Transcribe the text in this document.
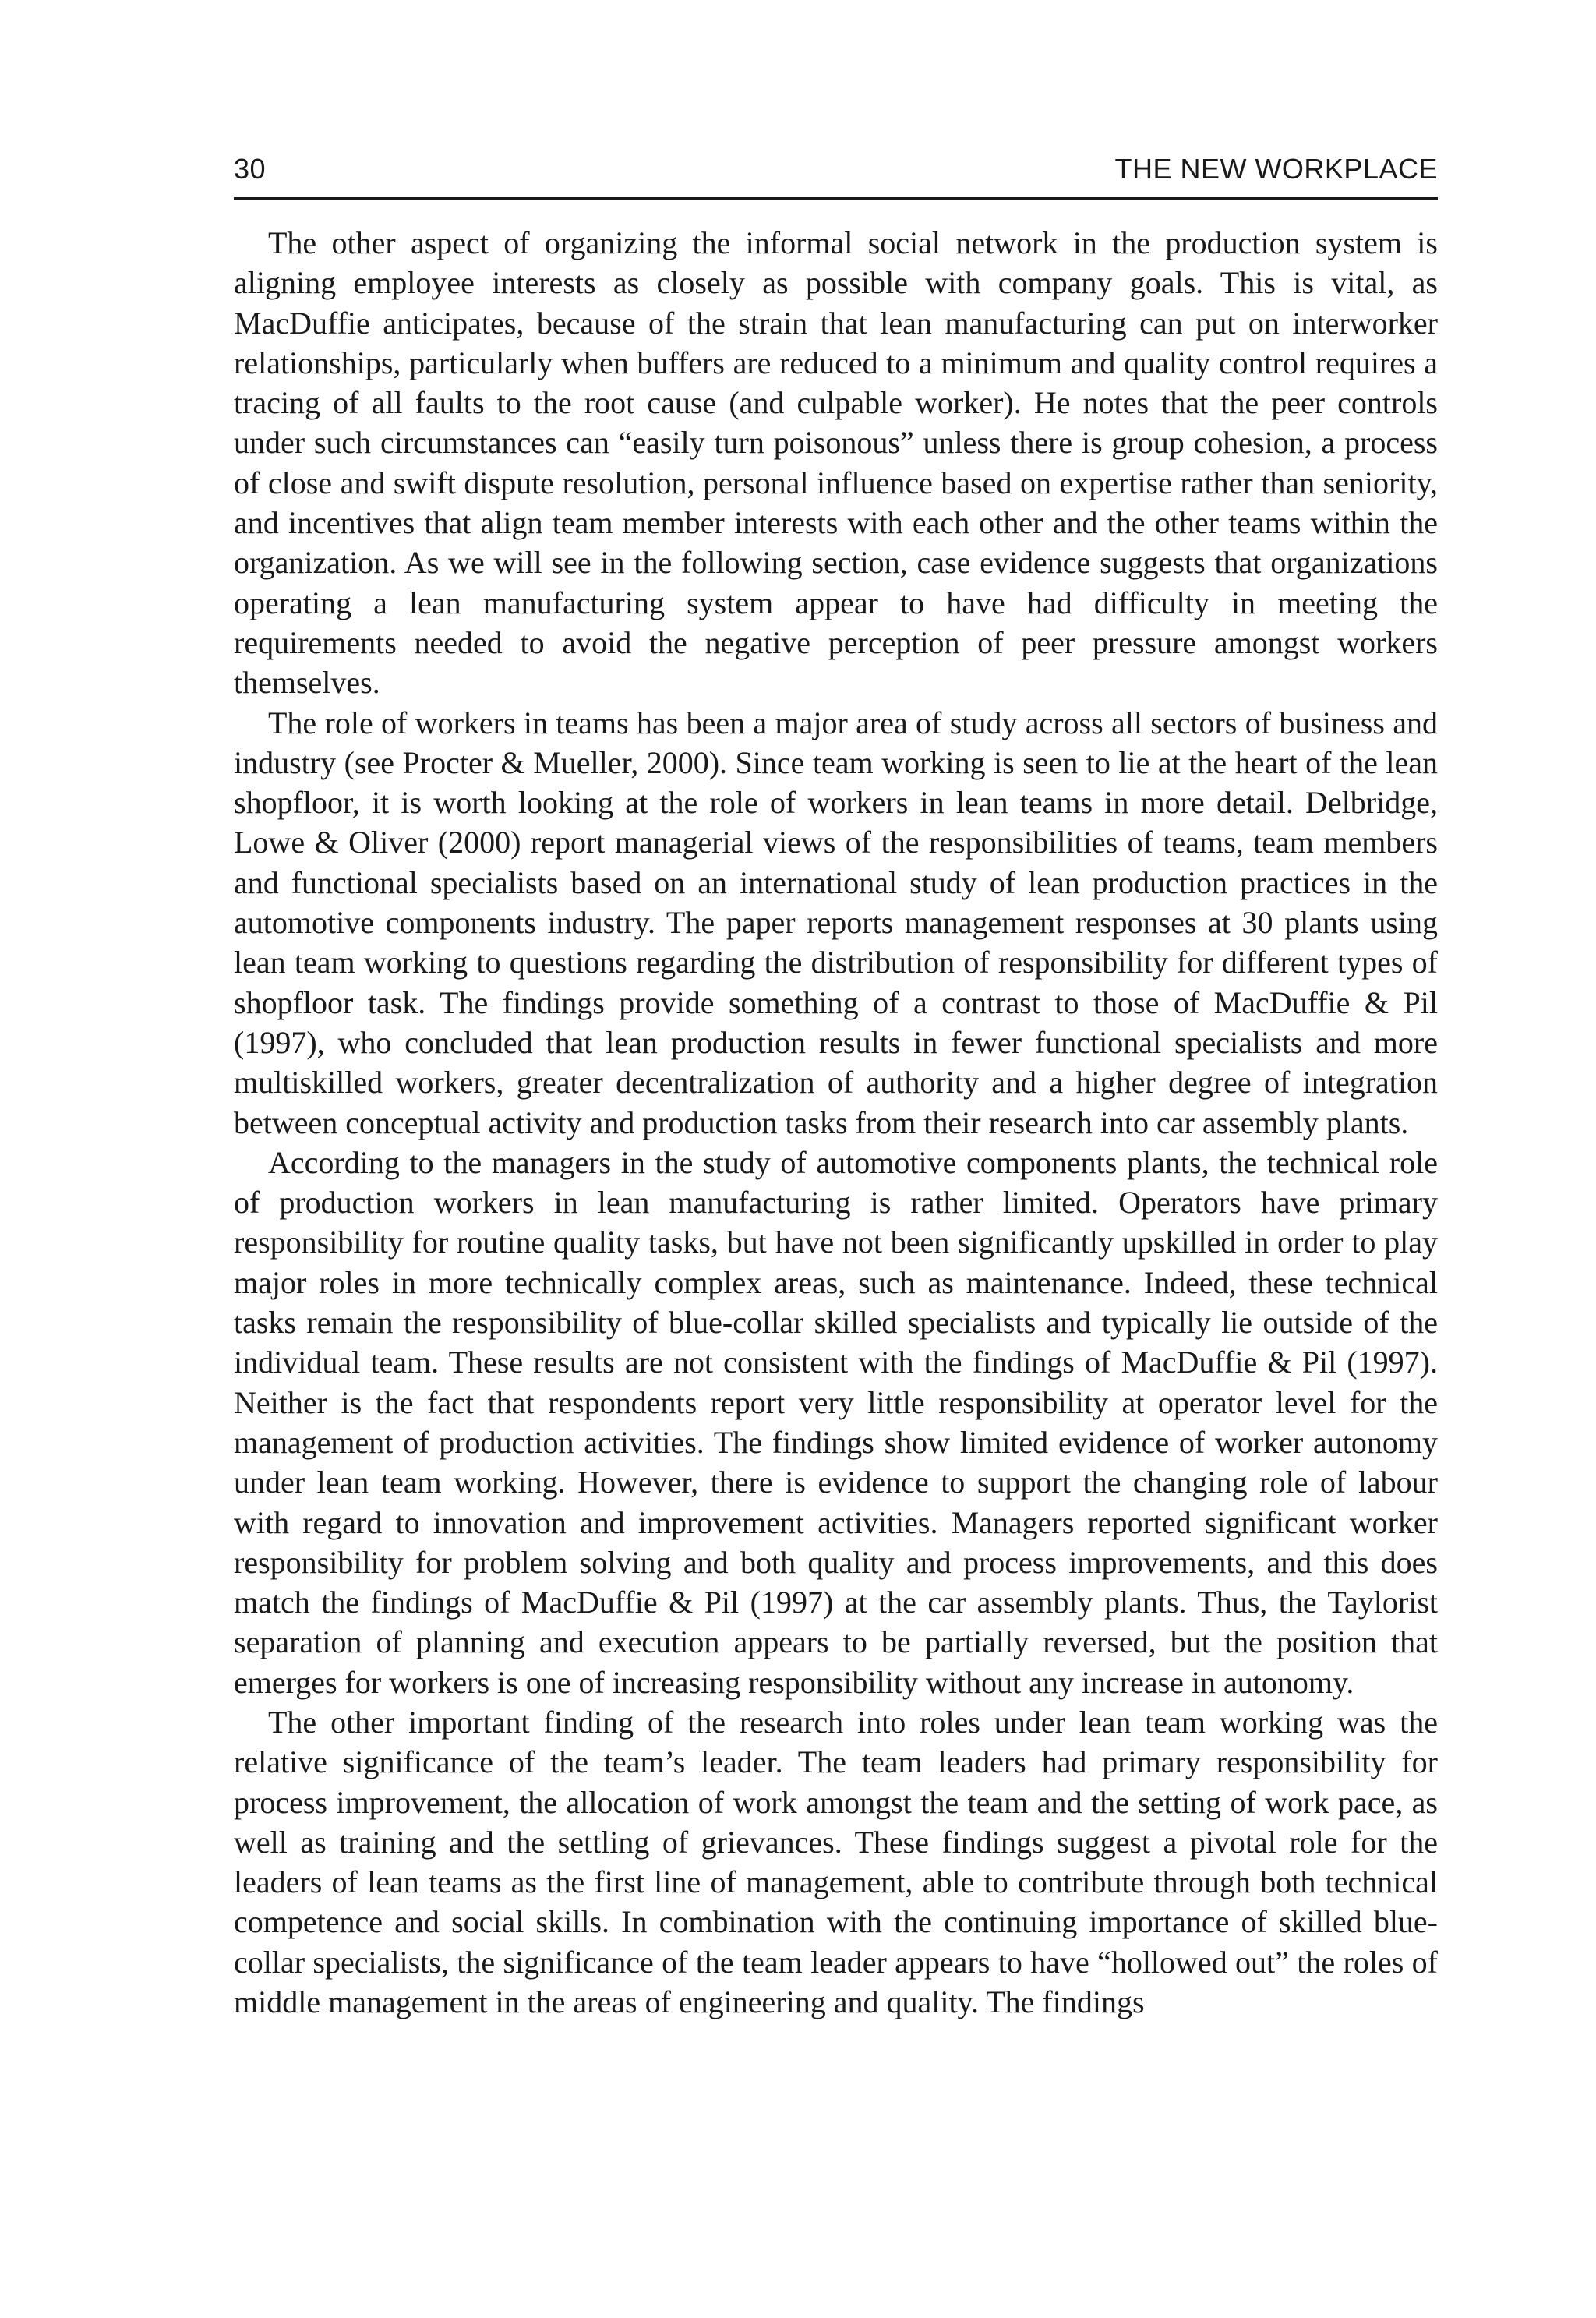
30	THE NEW WORKPLACE

The other aspect of organizing the informal social network in the production system is aligning employee interests as closely as possible with company goals. This is vital, as MacDuffie anticipates, because of the strain that lean manufacturing can put on interworker relationships, particularly when buffers are reduced to a minimum and quality control requires a tracing of all faults to the root cause (and culpable worker). He notes that the peer controls under such circumstances can “easily turn poisonous” unless there is group cohesion, a process of close and swift dispute resolution, personal influence based on expertise rather than seniority, and incentives that align team member interests with each other and the other teams within the organization. As we will see in the following section, case evidence suggests that organizations operating a lean manufacturing system appear to have had difficulty in meeting the requirements needed to avoid the negative perception of peer pressure amongst workers themselves.

The role of workers in teams has been a major area of study across all sectors of business and industry (see Procter & Mueller, 2000). Since team working is seen to lie at the heart of the lean shopfloor, it is worth looking at the role of workers in lean teams in more detail. Delbridge, Lowe & Oliver (2000) report managerial views of the responsibilities of teams, team members and functional specialists based on an international study of lean production practices in the automotive components industry. The paper reports management responses at 30 plants using lean team working to questions regarding the distribution of responsibility for different types of shopfloor task. The findings provide something of a contrast to those of MacDuffie & Pil (1997), who concluded that lean production results in fewer functional specialists and more multiskilled workers, greater decentralization of authority and a higher degree of integration between conceptual activity and production tasks from their research into car assembly plants.

According to the managers in the study of automotive components plants, the technical role of production workers in lean manufacturing is rather limited. Operators have primary responsibility for routine quality tasks, but have not been significantly upskilled in order to play major roles in more technically complex areas, such as maintenance. Indeed, these technical tasks remain the responsibility of blue-collar skilled specialists and typically lie outside of the individual team. These results are not consistent with the findings of MacDuffie & Pil (1997). Neither is the fact that respondents report very little responsibility at operator level for the management of production activities. The findings show limited evidence of worker autonomy under lean team working. However, there is evidence to support the changing role of labour with regard to innovation and improvement activities. Managers reported significant worker responsibility for problem solving and both quality and process improvements, and this does match the findings of MacDuffie & Pil (1997) at the car assembly plants. Thus, the Taylorist separation of planning and execution appears to be partially reversed, but the position that emerges for workers is one of increasing responsibility without any increase in autonomy.

The other important finding of the research into roles under lean team working was the relative significance of the team’s leader. The team leaders had primary responsibility for process improvement, the allocation of work amongst the team and the setting of work pace, as well as training and the settling of grievances. These findings suggest a pivotal role for the leaders of lean teams as the first line of management, able to contribute through both technical competence and social skills. In combination with the continuing importance of skilled blue-collar specialists, the significance of the team leader appears to have “hollowed out” the roles of middle management in the areas of engineering and quality. The findings
